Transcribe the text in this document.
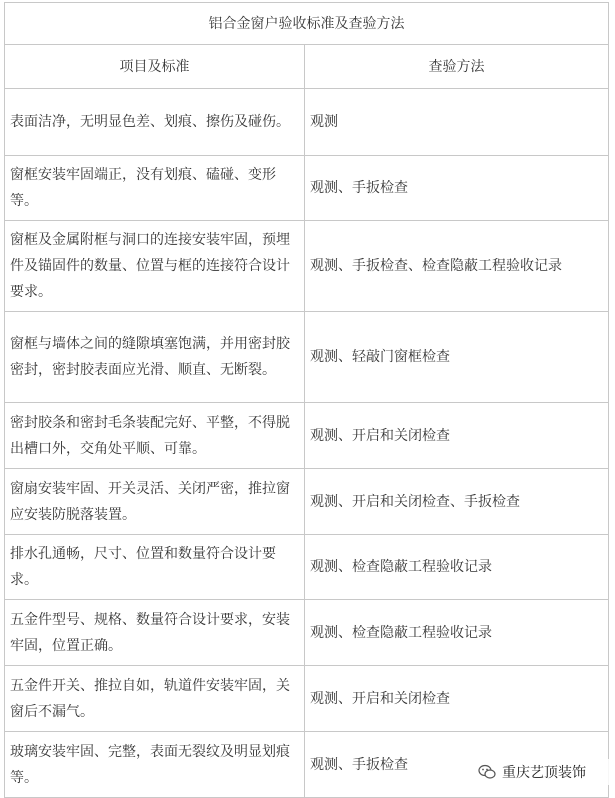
铝合金窗户验收标准及查验方法	
项目及标准	查验方法
表面洁净，无明显色差、划痕、擦伤及碰伤。	观测
窗框安装牢固端正，没有划痕、磕碰、变形等。	观测、手扳检查
窗框及金属附框与洞口的连接安装牢固，预埋件及锚固件的数量、位置与框的连接符合设计要求。	观测、手扳检查、检查隐蔽工程验收记录
窗框与墙体之间的缝隙填塞饱满，并用密封胶密封，密封胶表面应光滑、顺直、无断裂。	观测、轻敲门窗框检查
密封胶条和密封毛条装配完好、平整，不得脱出槽口外，交角处平顺、可靠。	观测、开启和关闭检查
窗扇安装牢固、开关灵活、关闭严密，推拉窗应安装防脱落装置。	观测、开启和关闭检查、手扳检查
排水孔通畅，尺寸、位置和数量符合设计要求。	观测、检查隐蔽工程验收记录
五金件型号、规格、数量符合设计要求，安装牢固，位置正确。	观测、检查隐蔽工程验收记录
五金件开关、推拉自如，轨道件安装牢固，关窗后不漏气。	观测、开启和关闭检查
玻璃安装牢固、完整，表面无裂纹及明显划痕等。	观测、手扳检查
重庆艺顶装饰
